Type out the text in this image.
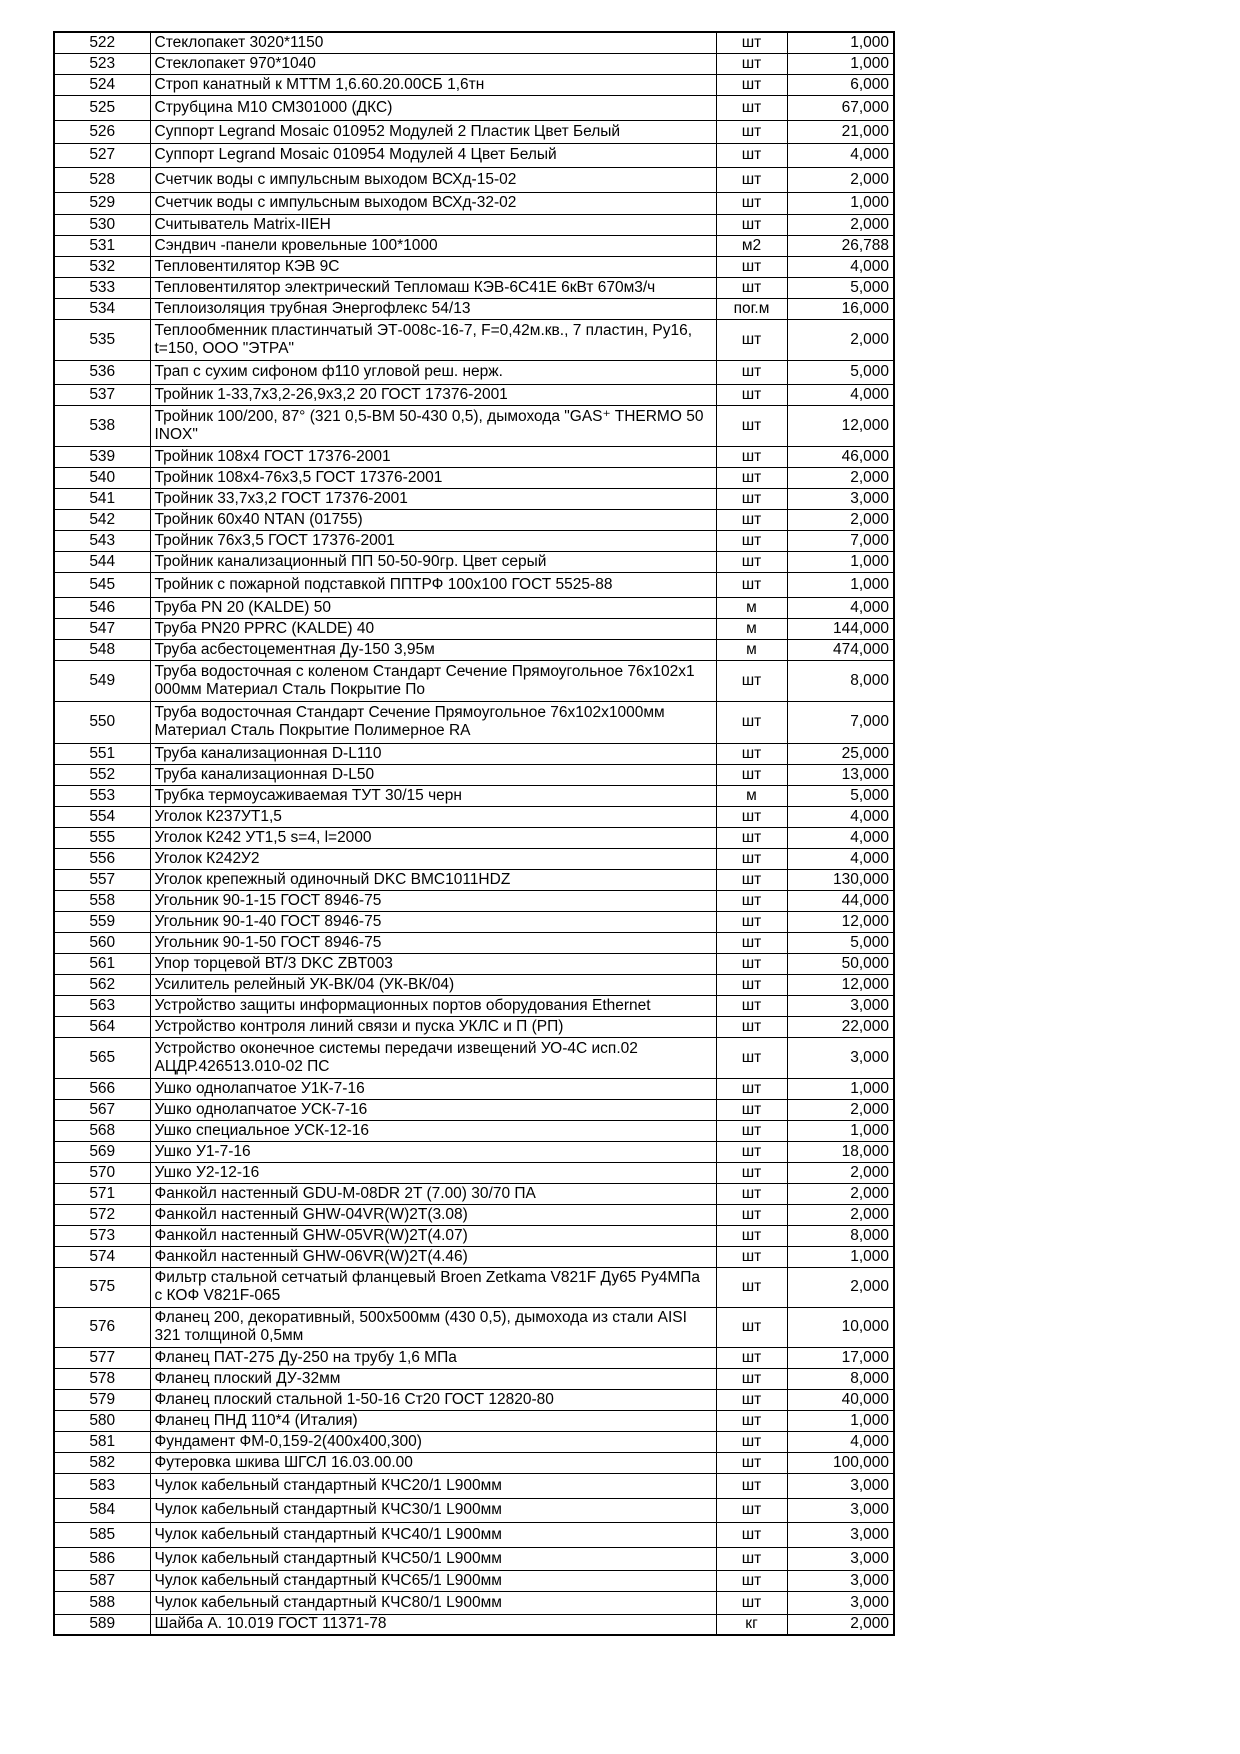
522	Стеклопакет 3020*1150	шт	1,000
523	Стеклопакет 970*1040	шт	1,000
524	Строп канатный к МТТМ 1,6.60.20.00СБ 1,6тн	шт	6,000
525	Струбцина М10 СМ301000 (ДКС)	шт	67,000
526	Суппорт Legrand Mosaic 010952 Модулей 2 Пластик Цвет Белый	шт	21,000
527	Суппорт Legrand Mosaic 010954 Модулей 4 Цвет Белый	шт	4,000
528	Счетчик воды с импульсным выходом ВСХд-15-02	шт	2,000
529	Счетчик воды с импульсным выходом ВСХд-32-02	шт	1,000
530	Считыватель Matrix-IIEH	шт	2,000
531	Сэндвич -панели кровельные 100*1000	м2	26,788
532	Тепловентилятор КЭВ 9С	шт	4,000
533	Тепловентилятор электрический Тепломаш КЭВ-6С41Е 6кВт 670м3/ч	шт	5,000
534	Теплоизоляция трубная Энергофлекс 54/13	пог.м	16,000
535	Теплообменник пластинчатый ЭТ-008с-16-7, F=0,42м.кв., 7 пластин, Ру16, t=150, ООО "ЭТРА"	шт	2,000
536	Трап с сухим сифоном ф110 угловой реш. нерж.	шт	5,000
537	Тройник 1-33,7х3,2-26,9х3,2 20 ГОСТ 17376-2001	шт	4,000
538	Тройник 100/200, 87° (321 0,5-ВМ 50-430 0,5), дымохода "GAS⁺ THERMO 50 INOX"	шт	12,000
539	Тройник 108х4 ГОСТ 17376-2001	шт	46,000
540	Тройник 108х4-76х3,5 ГОСТ 17376-2001	шт	2,000
541	Тройник 33,7х3,2 ГОСТ 17376-2001	шт	3,000
542	Тройник 60х40 NTAN (01755)	шт	2,000
543	Тройник 76х3,5 ГОСТ 17376-2001	шт	7,000
544	Тройник канализационный ПП 50-50-90гр. Цвет серый	шт	1,000
545	Тройник с пожарной подставкой ППТРФ 100х100 ГОСТ 5525-88	шт	1,000
546	Труба PN 20 (KALDE) 50	м	4,000
547	Труба PN20 PPRC (KALDE) 40	м	144,000
548	Труба асбестоцементная Ду-150 3,95м	м	474,000
549	Труба водосточная с коленом Стандарт Сечение Прямоугольное 76х102х1 000мм Материал Сталь Покрытие По	шт	8,000
550	Труба водосточная Стандарт Сечение Прямоугольное 76х102х1000мм Материал Сталь Покрытие Полимерное RA	шт	7,000
551	Труба канализационная D-L110	шт	25,000
552	Труба канализационная D-L50	шт	13,000
553	Трубка термоусаживаемая ТУТ 30/15 черн	м	5,000
554	Уголок К237УТ1,5	шт	4,000
555	Уголок К242 УТ1,5 s=4, l=2000	шт	4,000
556	Уголок К242У2	шт	4,000
557	Уголок крепежный одиночный DKC BMC1011HDZ	шт	130,000
558	Угольник 90-1-15 ГОСТ 8946-75	шт	44,000
559	Угольник 90-1-40 ГОСТ 8946-75	шт	12,000
560	Угольник 90-1-50 ГОСТ 8946-75	шт	5,000
561	Упор торцевой ВТ/3 DKC ZBT003	шт	50,000
562	Усилитель релейный УК-ВК/04 (УК-ВК/04)	шт	12,000
563	Устройство защиты информационных портов оборудования Ethernet	шт	3,000
564	Устройство контроля линий связи и пуска УКЛС и П (РП)	шт	22,000
565	Устройство оконечное системы передачи извещений УО-4С исп.02 АЦДР.426513.010-02 ПС	шт	3,000
566	Ушко однолапчатое У1К-7-16	шт	1,000
567	Ушко однолапчатое УСК-7-16	шт	2,000
568	Ушко специальное УСК-12-16	шт	1,000
569	Ушко У1-7-16	шт	18,000
570	Ушко У2-12-16	шт	2,000
571	Фанкойл настенный GDU-M-08DR 2T (7.00) 30/70 ПА	шт	2,000
572	Фанкойл настенный GHW-04VR(W)2T(3.08)	шт	2,000
573	Фанкойл настенный GHW-05VR(W)2T(4.07)	шт	8,000
574	Фанкойл настенный GHW-06VR(W)2T(4.46)	шт	1,000
575	Фильтр стальной сетчатый фланцевый Broen Zetkama V821F Ду65 Ру4МПа с КОФ V821F-065	шт	2,000
576	Фланец 200, декоративный, 500х500мм (430 0,5), дымохода из стали AISI 321 толщиной 0,5мм	шт	10,000
577	Фланец ПАТ-275 Ду-250 на трубу 1,6 МПа	шт	17,000
578	Фланец плоский ДУ-32мм	шт	8,000
579	Фланец плоский стальной 1-50-16 Ст20 ГОСТ 12820-80	шт	40,000
580	Фланец ПНД 110*4 (Италия)	шт	1,000
581	Фундамент ФМ-0,159-2(400х400,300)	шт	4,000
582	Футеровка шкива ШГСЛ 16.03.00.00	шт	100,000
583	Чулок кабельный стандартный КЧС20/1 L900мм	шт	3,000
584	Чулок кабельный стандартный КЧС30/1 L900мм	шт	3,000
585	Чулок кабельный стандартный КЧС40/1 L900мм	шт	3,000
586	Чулок кабельный стандартный КЧС50/1 L900мм	шт	3,000
587	Чулок кабельный стандартный КЧС65/1 L900мм	шт	3,000
588	Чулок кабельный стандартный КЧС80/1 L900мм	шт	3,000
589	Шайба А. 10.019 ГОСТ 11371-78	кг	2,000
